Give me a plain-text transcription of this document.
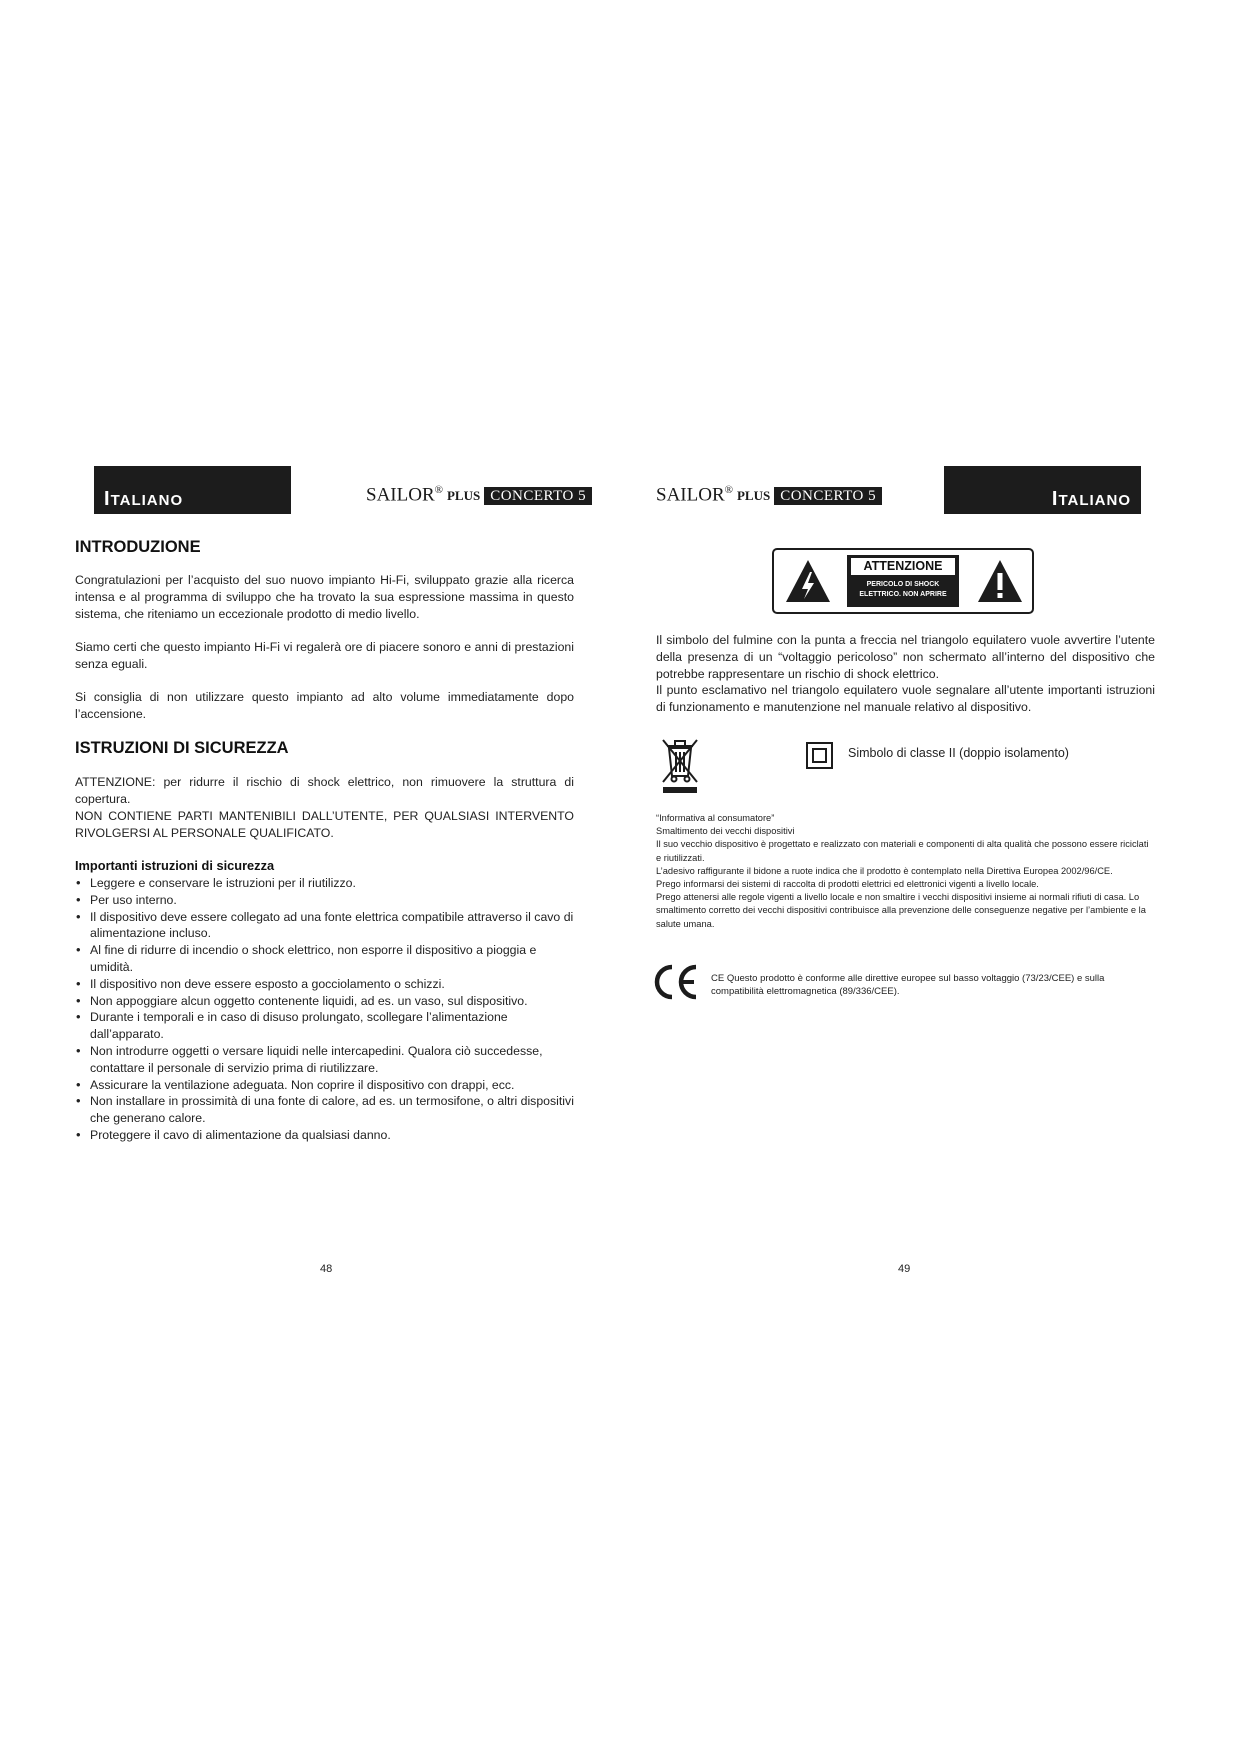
ITALIANO	SAILOR® PLUS CONCERTO 5
INTRODUZIONE

Congratulazioni per l’acquisto del suo nuovo impianto Hi-Fi, sviluppato grazie alla ricerca intensa e al programma di sviluppo che ha trovato la sua espressione massima in questo sistema, che riteniamo un eccezionale prodotto di medio livello.

Siamo certi che questo impianto Hi-Fi vi regalerà ore di piacere sonoro e anni di prestazioni senza eguali.

Si consiglia di non utilizzare questo impianto ad alto volume immediatamente dopo l’accensione.

ISTRUZIONI DI SICUREZZA

ATTENZIONE: per ridurre il rischio di shock elettrico, non rimuovere la struttura di copertura.

NON CONTIENE PARTI MANTENIBILI DALL’UTENTE, PER QUALSIASI INTERVENTO RIVOLGERSI AL PERSONALE QUALIFICATO.

Importanti istruzioni di sicurezza
• Leggere e conservare le istruzioni per il riutilizzo.
• Per uso interno.
• Il dispositivo deve essere collegato ad una fonte elettrica compatibile attraverso il cavo di alimentazione incluso.
• Al fine di ridurre di incendio o shock elettrico, non esporre il dispositivo a pioggia e umidità.
• Il dispositivo non deve essere esposto a gocciolamento o schizzi.
• Non appoggiare alcun oggetto contenente liquidi, ad es. un vaso, sul dispositivo.
• Durante i temporali e in caso di disuso prolungato, scollegare l’alimentazione dall’apparato.
• Non introdurre oggetti o versare liquidi nelle intercapedini. Qualora ciò succedesse, contattare il personale di servizio prima di riutilizzare.
• Assicurare la ventilazione adeguata. Non coprire il dispositivo con drappi, ecc.
• Non installare in prossimità di una fonte di calore, ad es. un termosifone, o altri dispositivi che generano calore.
• Proteggere il cavo di alimentazione da qualsiasi danno.
48
SAILOR® PLUS CONCERTO 5	ITALIANO
ATTENZIONE
PERICOLO DI SHOCK
ELETTRICO. NON APRIRE

Il simbolo del fulmine con la punta a freccia nel triangolo equilatero vuole avvertire l’utente della presenza di un “voltaggio pericoloso” non schermato all’interno del dispositivo che potrebbe rappresentare un rischio di shock elettrico.

Il punto esclamativo nel triangolo equilatero vuole segnalare all’utente importanti istruzioni di funzionamento e manutenzione nel manuale relativo al dispositivo.

Simbolo di classe II (doppio isolamento)

“Informativa al consumatore”

Smaltimento dei vecchi dispositivi

Il suo vecchio dispositivo è progettato e realizzato con materiali e componenti di alta qualità che possono essere riciclati e riutilizzati.

L’adesivo raffigurante il bidone a ruote indica che il prodotto è contemplato nella Direttiva Europea 2002/96/CE.

Prego informarsi dei sistemi di raccolta di prodotti elettrici ed elettronici vigenti a livello locale.

Prego attenersi alle regole vigenti a livello locale e non smaltire i vecchi dispositivi insieme ai normali rifiuti di casa. Lo smaltimento corretto dei vecchi dispositivi contribuisce alla prevenzione delle conseguenze negative per l’ambiente e la salute umana.

CE Questo prodotto è conforme alle direttive europee sul basso voltaggio (73/23/CEE) e sulla compatibilità elettromagnetica (89/336/CEE).

49
